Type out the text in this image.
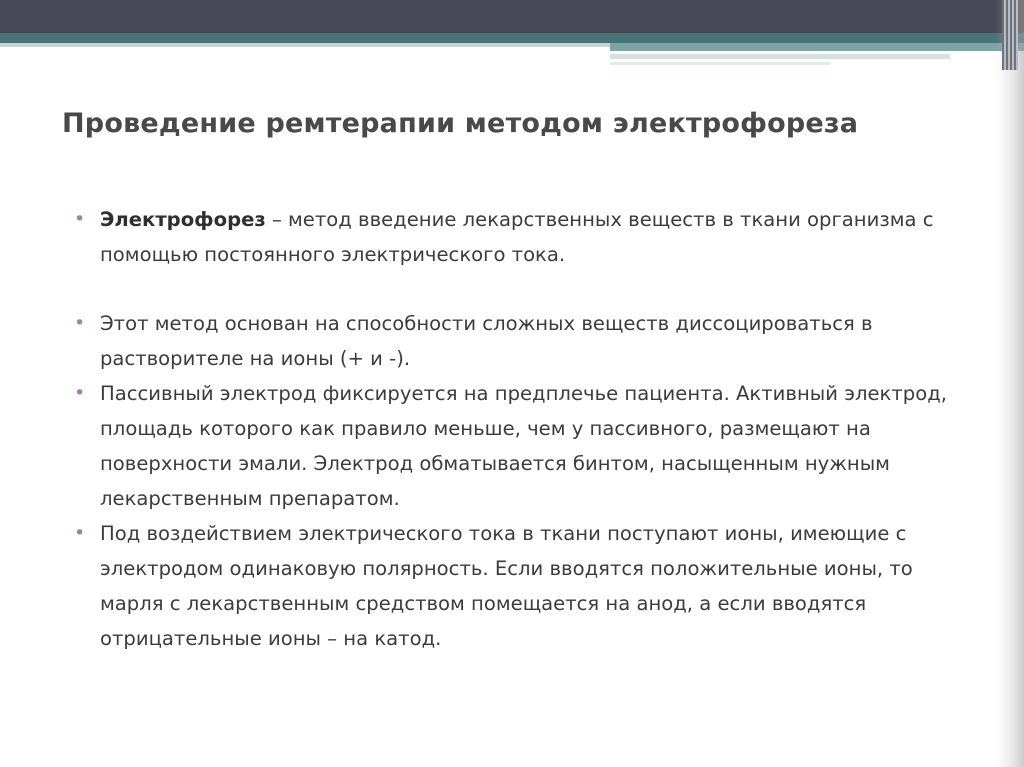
Проведение ремтерапии методом электрофореза
• Электрофорез – метод введение лекарственных веществ в ткани организма с помощью постоянного электрического тока.
• Этот метод основан на способности сложных веществ диссоцироваться в растворителе на ионы (+ и -).
• Пассивный электрод фиксируется на предплечье пациента. Активный электрод, площадь которого как правило меньше, чем у пассивного, размещают на поверхности эмали. Электрод обматывается бинтом, насыщенным нужным лекарственным препаратом.
• Под воздействием электрического тока в ткани поступают ионы, имеющие с электродом одинаковую полярность. Если вводятся положительные ионы, то марля с лекарственным средством помещается на анод, а если вводятся отрицательные ионы – на катод.
